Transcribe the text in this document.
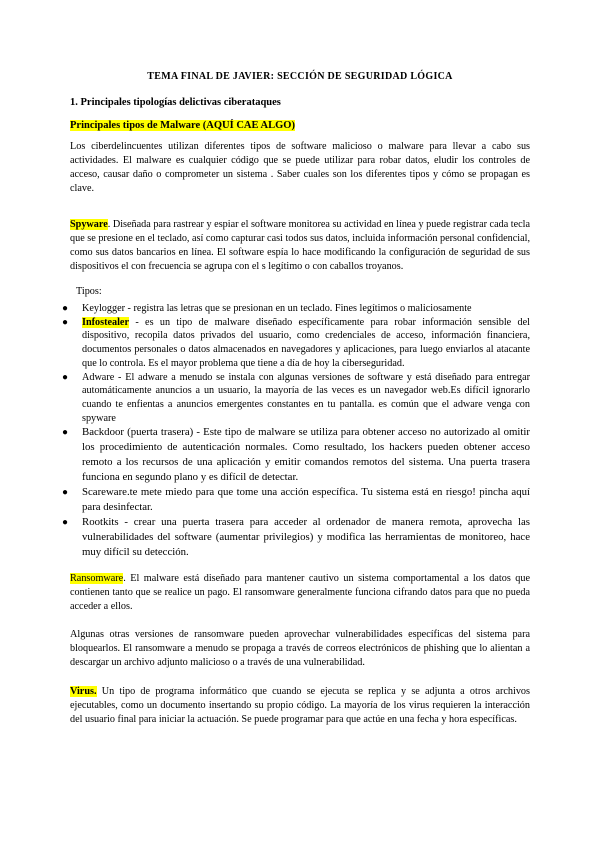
TEMA FINAL DE JAVIER: SECCIÓN DE SEGURIDAD LÓGICA
1. Principales tipologías delictivas ciberataques
Principales tipos de Malware (AQUÍ CAE ALGO)

Los ciberdelincuentes utilizan diferentes tipos de software malicioso o malware para llevar a cabo sus actividades. El malware es cualquier código que se puede utilizar para robar datos, eludir los controles de acceso, causar daño o comprometer un sistema . Saber cuales son los diferentes tipos y cómo se propagan es clave.

Spyware. Diseñada para rastrear y espiar el software monitorea su actividad en línea y puede registrar cada tecla que se presione en el teclado, así como capturar casi todos sus datos, incluida información personal confidencial, como sus datos bancarios en línea. El software espía lo hace modificando la configuración de seguridad de sus dispositivos el con frecuencia se agrupa con el s legítimo o con caballos troyanos.

Tipos:
● Keylogger - registra las letras que se presionan en un teclado. Fines legítimos o maliciosamente
● Infostealer - es un tipo de malware diseñado específicamente para robar información sensible del dispositivo, recopila datos privados del usuario, como credenciales de acceso, información financiera, documentos personales o datos almacenados en navegadores y aplicaciones, para luego enviarlos al atacante que lo controla. Es el mayor problema que tiene a día de hoy la ciberseguridad.
● Adware - El adware a menudo se instala con algunas versiones de software y está diseñado para entregar automáticamente anuncios a un usuario, la mayoría de las veces es un navegador web.Es difícil ignorarlo cuando te enfientas a anuncios emergentes constantes en tu pantalla. es común que el adware venga con spyware
● Backdoor (puerta trasera) - Este tipo de malware se utiliza para obtener acceso no autorizado al omitir los procedimiento de autenticación normales. Como resultado, los hackers pueden obtener acceso remoto a los recursos de una aplicación y emitir comandos remotos del sistema. Una puerta trasera funciona en segundo plano y es difícil de detectar.
● Scareware.te mete miedo para que tome una acción específica. Tu sistema está en riesgo! pincha aquí para desinfectar.
● Rootkits - crear una puerta trasera para acceder al ordenador de manera remota, aprovecha las vulnerabilidades del software (aumentar privilegios) y modifica las herramientas de monitoreo, hace muy difícil su detección.

Ransomware. El malware está diseñado para mantener cautivo un sistema comportamental a los datos que contienen tanto que se realice un pago. El ransomware generalmente funciona cifrando datos para que no pueda acceder a ellos.

Algunas otras versiones de ransomware pueden aprovechar vulnerabilidades específicas del sistema para bloquearlos. El ransomware a menudo se propaga a través de correos electrónicos de phishing que lo alientan a descargar un archivo adjunto malicioso o a través de una vulnerabilidad.

Virus. Un tipo de programa informático que cuando se ejecuta se replica y se adjunta a otros archivos ejecutables, como un documento insertando su propio código. La mayoría de los virus requieren la interacción del usuario final para iniciar la actuación. Se puede programar para que actúe en una fecha y hora específicas.
